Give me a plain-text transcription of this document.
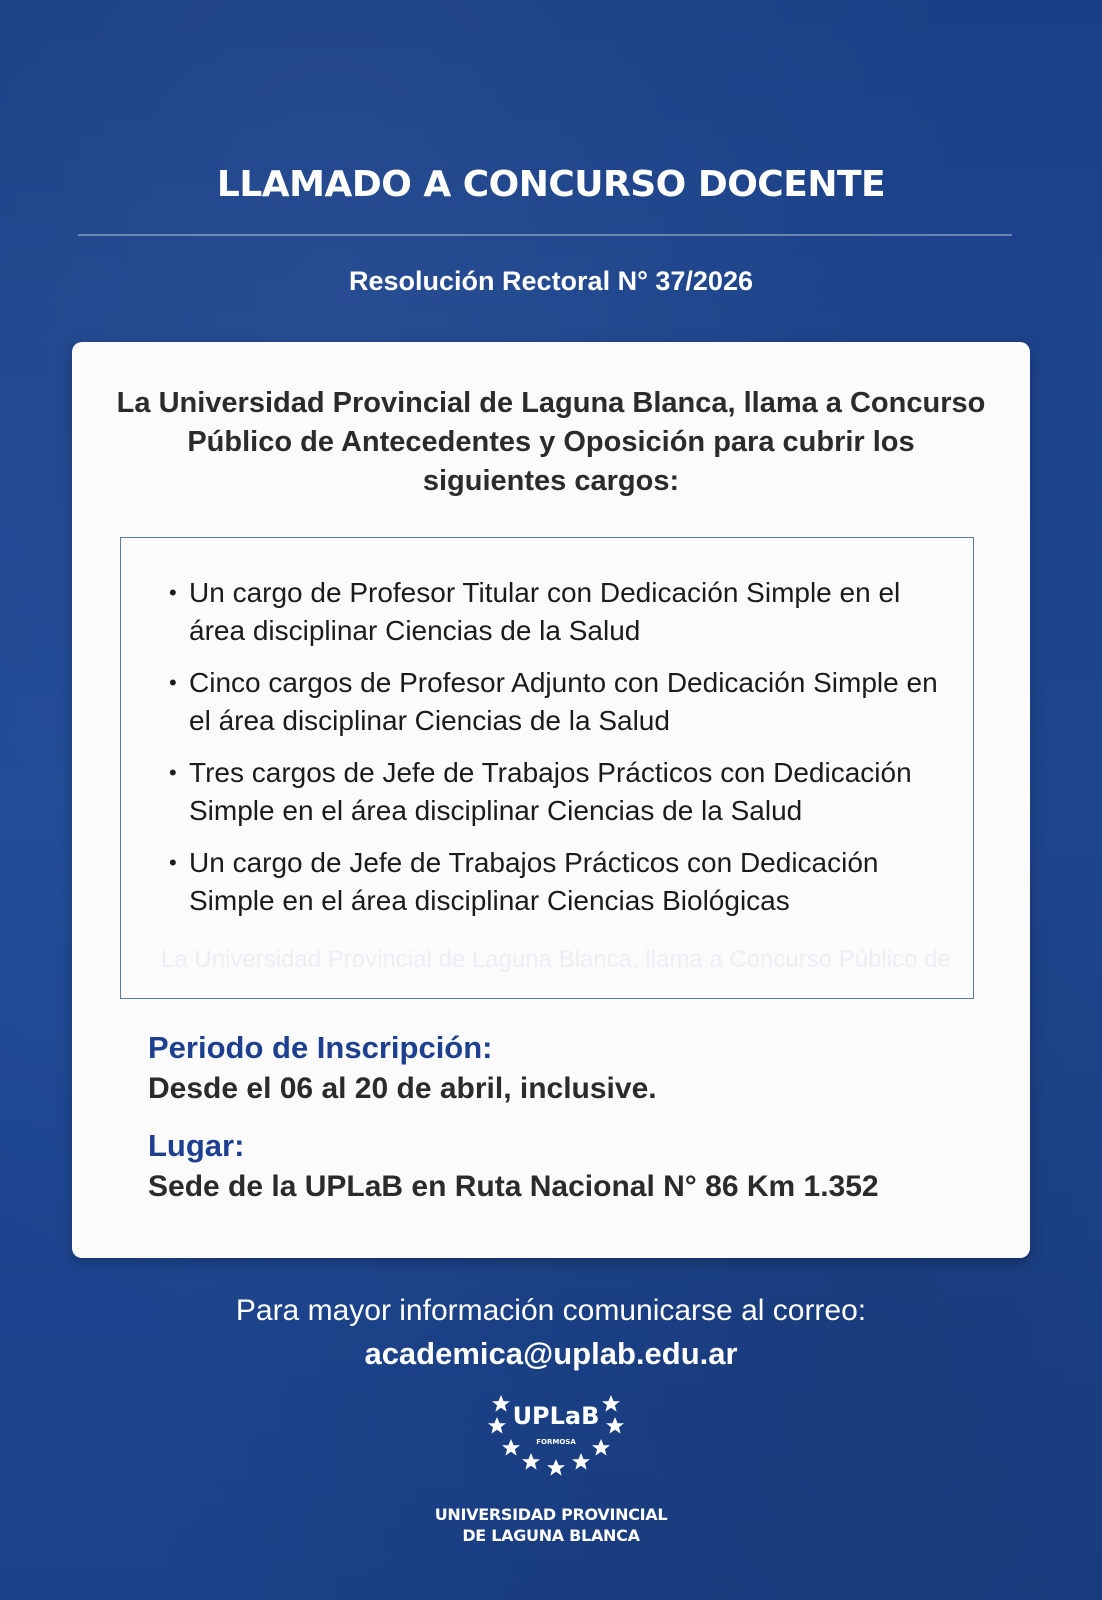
LLAMADO A CONCURSO DOCENTE
Resolución Rectoral N° 37/2026
La Universidad Provincial de Laguna Blanca, llama a Concurso Público de Antecedentes y Oposición para cubrir los siguientes cargos:
La Universidad Provincial de Laguna Blanca, llama a Concurso Público de
• Un cargo de Profesor Titular con Dedicación Simple en el área disciplinar Ciencias de la Salud
• Cinco cargos de Profesor Adjunto con Dedicación Simple en el área disciplinar Ciencias de la Salud
• Tres cargos de Jefe de Trabajos Prácticos con Dedicación Simple en el área disciplinar Ciencias de la Salud
• Un cargo de Jefe de Trabajos Prácticos con Dedicación Simple en el área disciplinar Ciencias Biológicas
Periodo de Inscripción:
Desde el 06 al 20 de abril, inclusive.
Lugar:
Sede de la UPLaB en Ruta Nacional N° 86 Km 1.352
Para mayor información comunicarse al correo:
academica@uplab.edu.ar
UPLaB
FORMOSA
UNIVERSIDAD PROVINCIAL
DE LAGUNA BLANCA
